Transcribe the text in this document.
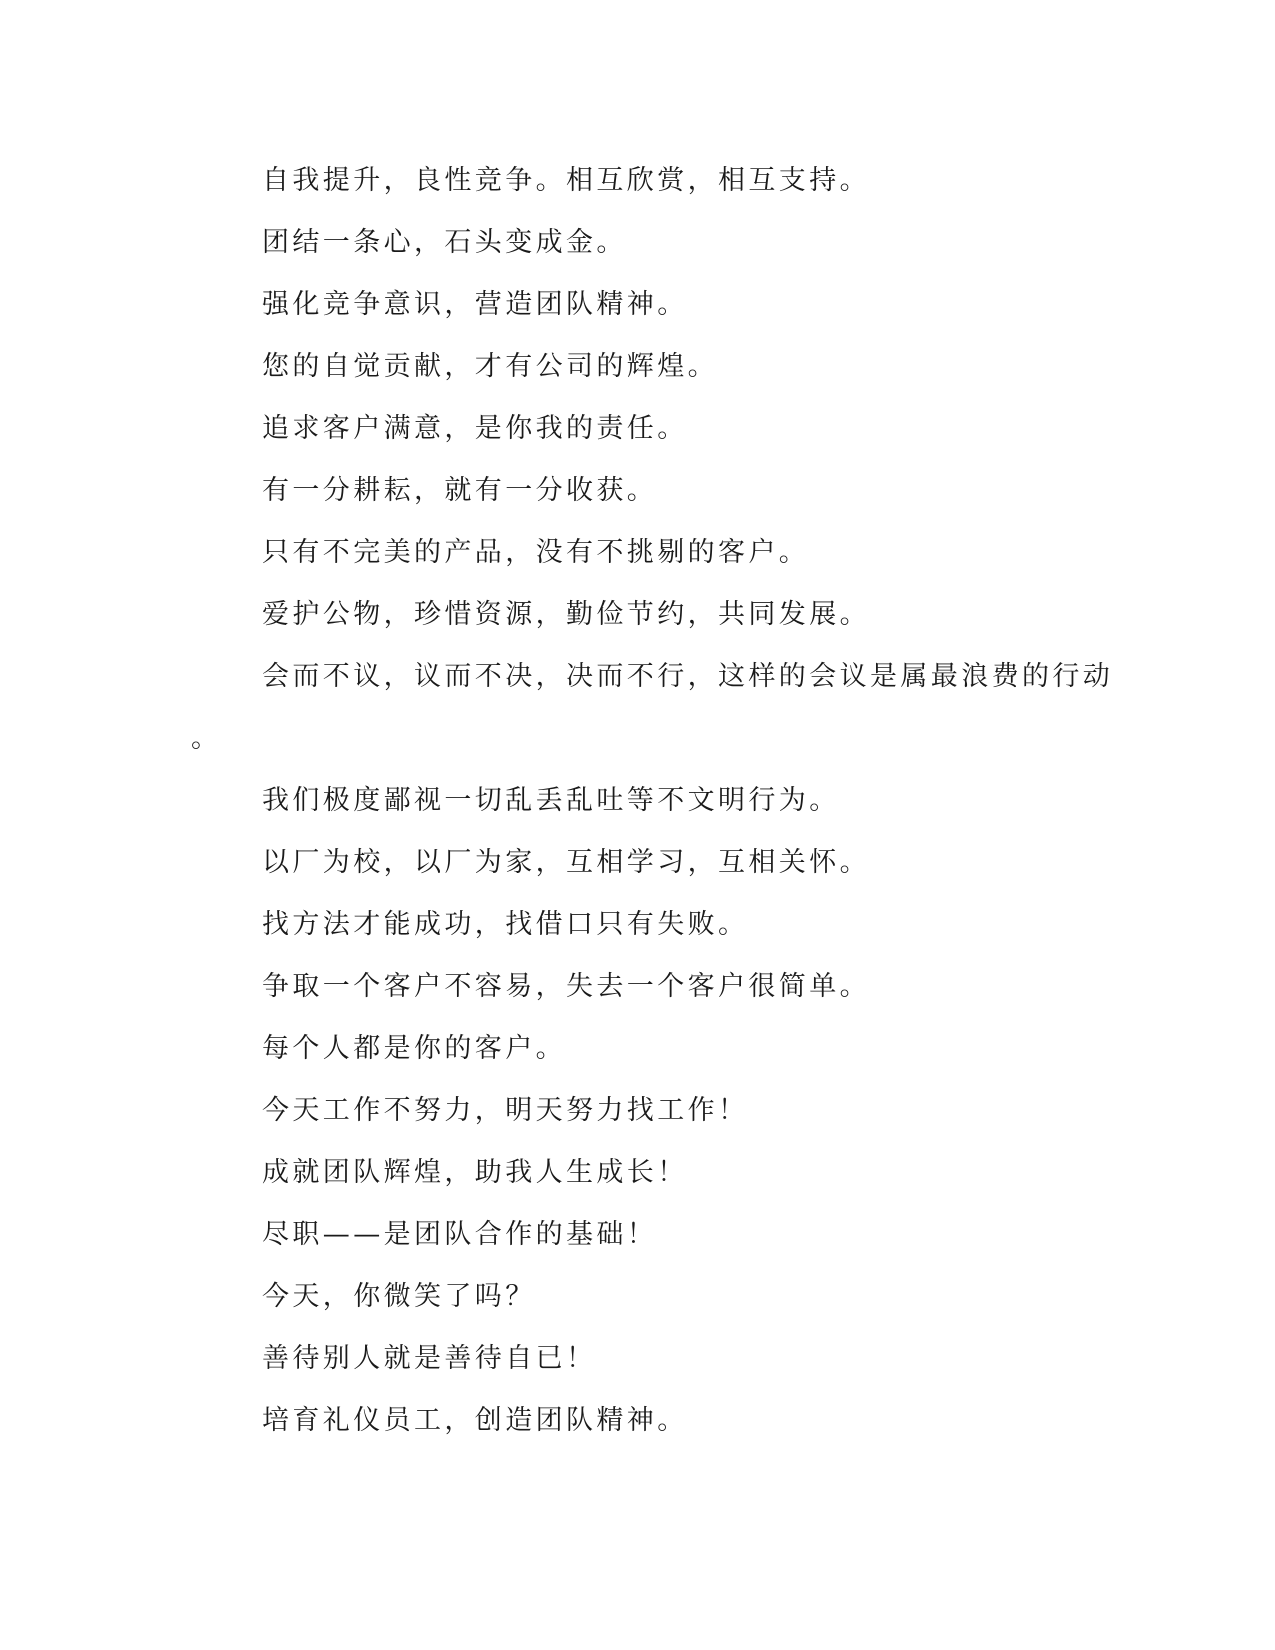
自我提升，良性竞争。相互欣赏，相互支持。

团结一条心，石头变成金。

强化竞争意识，营造团队精神。

您的自觉贡献，才有公司的辉煌。

追求客户满意，是你我的责任。

有一分耕耘，就有一分收获。

只有不完美的产品，没有不挑剔的客户。

爱护公物，珍惜资源，勤俭节约，共同发展。

会而不议，议而不决，决而不行，这样的会议是属最浪费的行动

。

我们极度鄙视一切乱丢乱吐等不文明行为。

以厂为校，以厂为家，互相学习，互相关怀。

找方法才能成功，找借口只有失败。

争取一个客户不容易，失去一个客户很简单。

每个人都是你的客户。

今天工作不努力，明天努力找工作！

成就团队辉煌，助我人生成长！

尽职——是团队合作的基础！

今天，你微笑了吗？

善待别人就是善待自已！

培育礼仪员工，创造团队精神。
